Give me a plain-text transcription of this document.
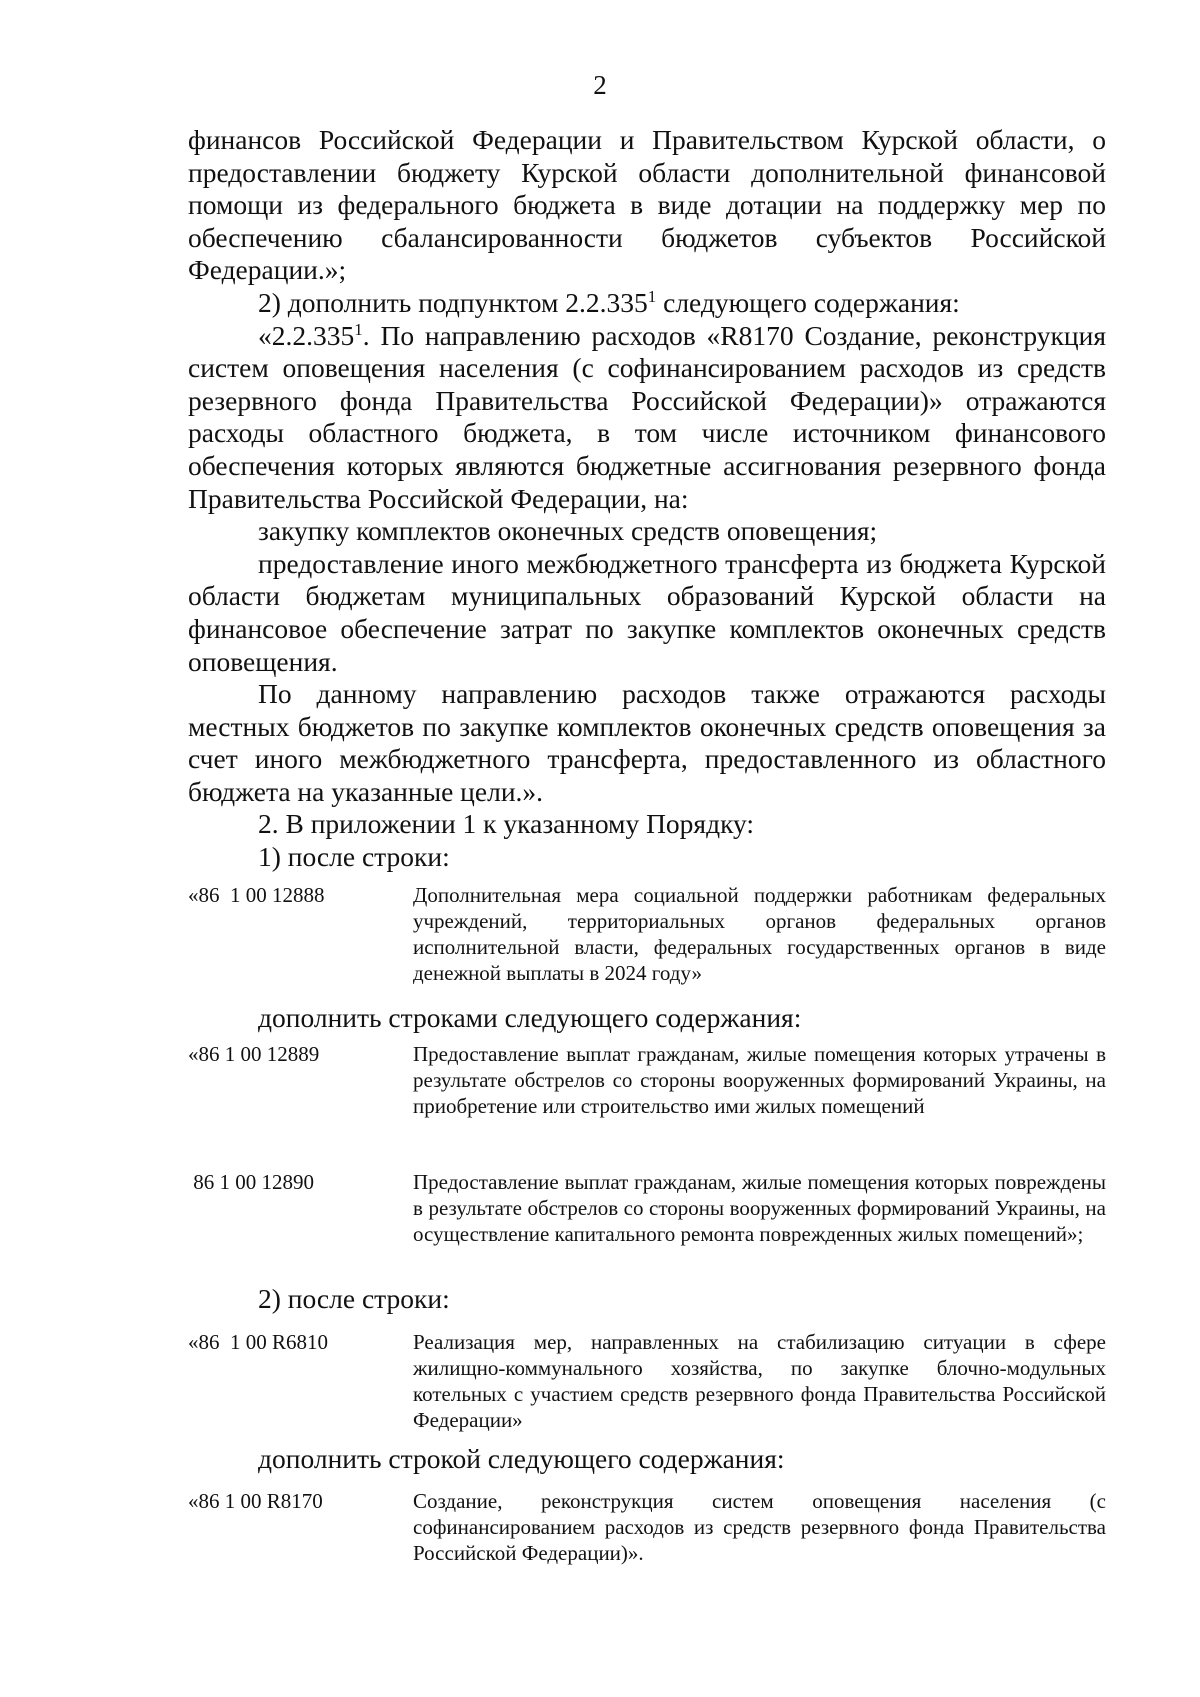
2

финансов Российской Федерации и Правительством Курской области, о предоставлении бюджету Курской области дополнительной финансовой помощи из федерального бюджета в виде дотации на поддержку мер по обеспечению сбалансированности бюджетов субъектов Российской Федерации.»;

2) дополнить подпунктом 2.2.335$^1$ следующего содержания:

«2.2.335$^1$. По направлению расходов «R8170 Создание, реконструкция систем оповещения населения (с софинансированием расходов из средств резервного фонда Правительства Российской Федерации)» отражаются расходы областного бюджета, в том числе источником финансового обеспечения которых являются бюджетные ассигнования резервного фонда Правительства Российской Федерации, на:

закупку комплектов оконечных средств оповещения;

предоставление иного межбюджетного трансферта из бюджета Курской области бюджетам муниципальных образований Курской области на финансовое обеспечение затрат по закупке комплектов оконечных средств оповещения.

По данному направлению расходов также отражаются расходы местных бюджетов по закупке комплектов оконечных средств оповещения за счет иного межбюджетного трансферта, предоставленного из областного бюджета на указанные цели.».

2. В приложении 1 к указанному Порядку:

1) после строки:

«86  1 00 12888	Дополнительная мера социальной поддержки работникам федеральных учреждений, территориальных органов федеральных органов исполнительной власти, федеральных государственных органов в виде денежной выплаты в 2024 году»
дополнить строками следующего содержания:
«86 1 00 12889	Предоставление выплат гражданам, жилые помещения которых утрачены в результате обстрелов со стороны вооруженных формирований Украины, на приобретение или строительство ими жилых помещений
86 1 00 12890	Предоставление выплат гражданам, жилые помещения которых повреждены в результате обстрелов со стороны вооруженных формирований Украины, на осуществление капитального ремонта поврежденных жилых помещений»;
2) после строки:
«86  1 00 R6810	Реализация мер, направленных на стабилизацию ситуации в сфере жилищно-коммунального хозяйства, по закупке блочно-модульных котельных с участием средств резервного фонда Правительства Российской Федерации»
дополнить строкой следующего содержания:
«86 1 00 R8170	Создание, реконструкция систем оповещения населения (с софинансированием расходов из средств резервного фонда Правительства Российской Федерации)».
